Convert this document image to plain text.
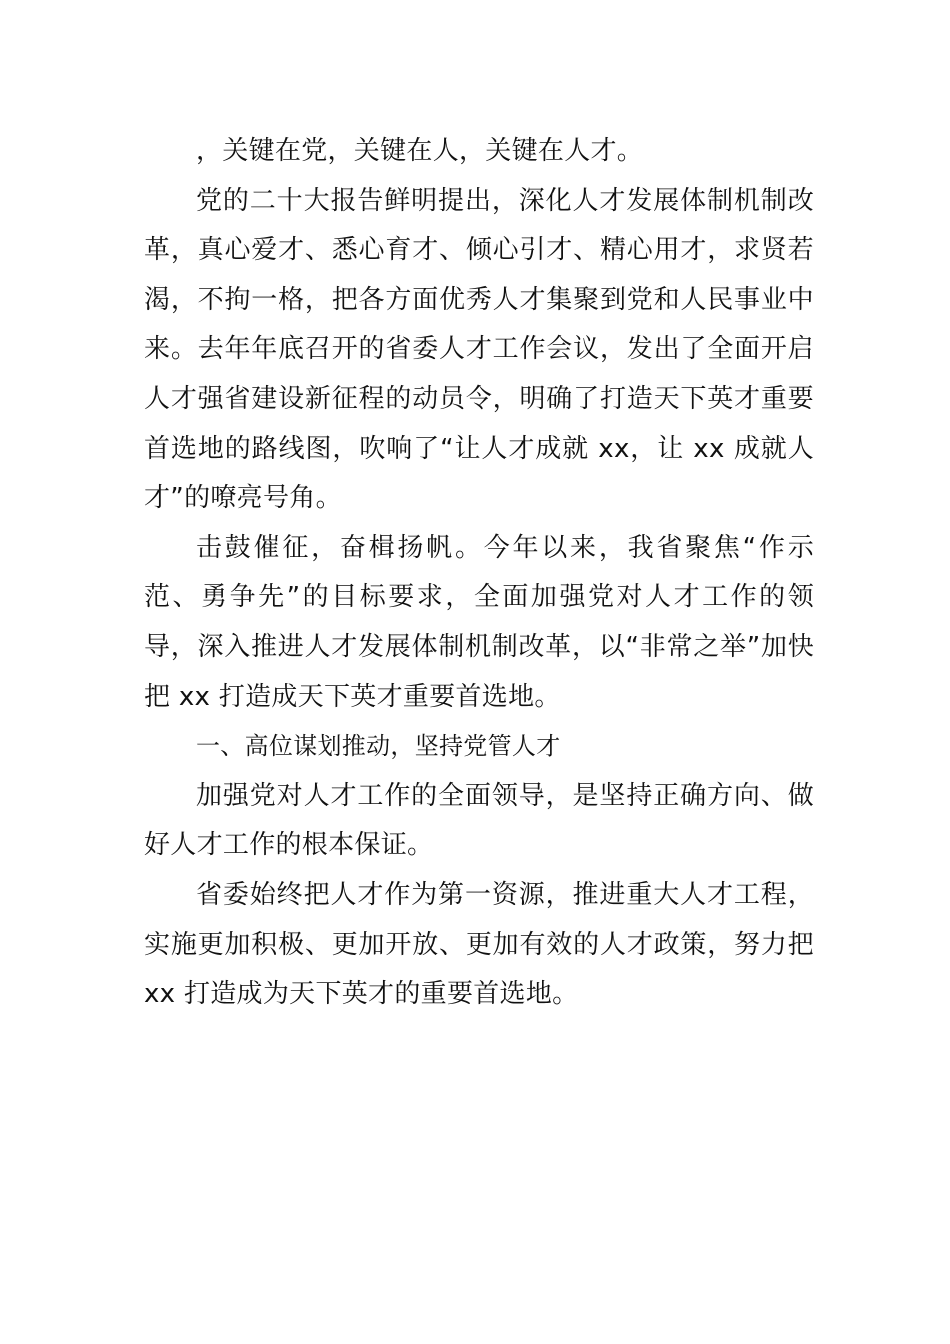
，关键在党，关键在人，关键在人才。

党的二十大报告鲜明提出，深化人才发展体制机制改革，真心爱才、悉心育才、倾心引才、精心用才，求贤若渴，不拘一格，把各方面优秀人才集聚到党和人民事业中来。去年年底召开的省委人才工作会议，发出了全面开启人才强省建设新征程的动员令，明确了打造天下英才重要首选地的路线图，吹响了“让人才成就 xx，让 xx 成就人才”的嘹亮号角。

击鼓催征，奋楫扬帆。今年以来，我省聚焦“作示范、勇争先”的目标要求，全面加强党对人才工作的领导，深入推进人才发展体制机制改革，以“非常之举”加快把 xx 打造成天下英才重要首选地。

一、高位谋划推动，坚持党管人才

加强党对人才工作的全面领导，是坚持正确方向、做好人才工作的根本保证。

省委始终把人才作为第一资源，推进重大人才工程，实施更加积极、更加开放、更加有效的人才政策，努力把 xx 打造成为天下英才的重要首选地。
